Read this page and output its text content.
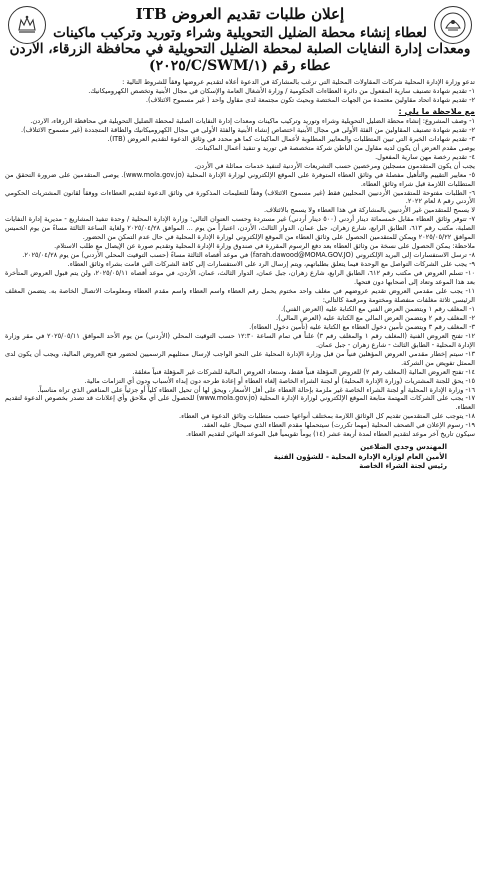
إعلان طلبات تقديم العروض ITB
لعطاء إنشاء محطة الضليل التحويلية وشراء وتوريد وتركيب ماكينات
ومعدات إدارة النفايات الصلبة لمحطة الضليل التحويلية في محافظة الزرقاء، الاردن
عطاء رقم (١/C/SWM/٢٠٢٥)

تدعو وزارة الإدارة المحلية شركات المقاولات المحلية التي ترغب بالمشاركة في الدعوة أعلاه لتقديم عروضها وفقاً للشروط التالية :

١- تقديم شهادة تصنيف سارية المفعول من دائرة العطاءات الحكومية / وزارة الأشغال العامة والإسكان في مجال الأبنية وتخصص الكهروميكانيك.

٢- تقديم شهادة اتحاد مقاولين معتمدة من الجهات المختصة وبحيث تكون مجتمعة لدى مقاول واحد ( غير مسموح الائتلاف).

مع ملاحظة ما يلي :

١- وصف المشروع: إنشاء محطة الضليل التحويلية وشراء وتوريد وتركيب ماكينات ومعدات إدارة النفايات الصلبة لمحطة الضليل التحويلية في محافظة الزرقاء، الاردن.

٢- تقديم شهادة تصنيف المقاولين من الفئة الأولى في مجال الأبنية اختصاص إنشاء الأبنية والفئة الأولى في مجال الكهروميكانيك والطاقة المتجددة (غير مسموح الائتلاف).

٣- تقديم شهادات الخبرة التي تبين المتطلبات والمعايير المطلوبة لأعمال الماكينات كما هو محدد في وثائق الدعوة لتقديم العروض (ITB).

يوصى مقدم العرض أن يكون لديه مقاول من الباطن شركة متخصصة في توريد و تنفيذ أعمال الماكينات.

٤- تقديم رخصة مهن سارية المفعول.

يجب أن يكون المتقدمون مسجلين ومرخصين حسب التشريعات الأردنية لتنفيذ خدمات مماثلة في الأردن.

٥- معايير التقييم والتأهيل مفصلة في وثائق العطاء المتوفرة على الموقع الإلكتروني لوزارة الإدارة المحلية (www.mola.gov.jo). يوصى المتقدمين على ضرورة التحقق من المتطلبات اللازمة قبل شراء وثائق العطاء.

٦- الطلبات مفتوحة للمتقدمين الأردنيين المحليين فقط (غير مسموح الائتلاف) وفقاً للتعليمات المذكورة في وثائق الدعوة لتقديم العطاءات ووفقاً لقانون المشتريات الحكومي الأردني رقم ٨ لعام ٢٠٢٢.

لا يسمح للمتقدمين غير الأردنيين بالمشاركة في هذا العطاء ولا يسمح بالائتلاف.

٧- تتوفر وثائق العطاء مقابل خمسمائة دينار أردني (٥٠٠ دينار أردني) غير مستردة وحسب العنوان التالي: وزارة الإدارة المحلية / وحدة تنفيذ المشاريع - مديرية إدارة النفايات الصلبة، مكتب رقم ٦١٣، الطابق الرابع، شارع زهران، جبل عمان، الدوار الثالث، الأردن، اعتباراً من يوم ... الموافق ٢٠٢٥/٠٤/٢٨ ولغاية الساعة الثالثة مساءً من يوم الخميس الموافق ٢٠٢٥/٠٥/٢٢ ويمكن للمتقدمين الحصول على وثائق العطاء من الموقع الإلكتروني لوزارة الإدارة المحلية في حال عدم التمكن من الحضور.

ملاحظة: يمكن الحصول على نسخة من وثائق العطاء بعد دفع الرسوم المقررة في صندوق وزارة الإدارة المحلية وتقديم صورة عن الإيصال مع طلب الاستلام.

٨- ترسل الاستفسارات إلى البريد الإلكتروني (farah.dawood@MOMA.GOV.JO) في موعد أقصاه الثالثة مساءً (حسب التوقيت المحلي الأردني) من يوم ٢٠٢٥/٠٤/٢٨.

٩- يجب على الشركات التواصل مع الوحدة فيما يتعلق بطلباتهم، ويتم إرسال الرد على الاستفسارات إلى كافة الشركات التي قامت بشراء وثائق العطاء.

١٠- تسلم العروض في مكتب رقم ٦١٢، الطابق الرابع، شارع زهران، جبل عمان، الدوار الثالث، عمان، الأردن، في موعد أقصاه ٢٠٢٥/٠٥/١١، ولن يتم قبول العروض المتأخرة بعد هذا الموعد وتعاد إلى أصحابها دون فتحها.

١١- يجب على مقدمي العروض تقديم عروضهم في مغلف واحد مختوم يحمل رقم العطاء واسم العطاء واسم مقدم العطاء ومعلومات الاتصال الخاصة به. يتضمن المغلف الرئيسي ثلاثة مغلفات منفصلة ومختومة ومرقمة كالتالي:

١- المغلف رقم ١ ويتضمن العرض الفني مع الكتابة عليه (العرض الفني).

٢- المغلف رقم ٢ ويتضمن العرض المالي مع الكتابة عليه (العرض المالي).

٣- المغلف رقم ٣ ويتضمن تأمين دخول العطاء مع الكتابة عليه (تأمين دخول العطاء).

١٢- تفتح العروض الفنية (المغلف رقم ١ والمغلف رقم ٣) علناً في تمام الساعة ١٢:٣٠ حسب التوقيت المحلي (الأردني) من يوم الأحد الموافق ٢٠٢٥/٠٥/١١ في مقر وزارة الإدارة المحلية - الطابق الثالث - شارع زهران - جبل عمان.

١٣- سيتم إخطار مقدمي العروض المؤهلين فنياً من قبل وزارة الإدارة المحلية على النحو الواجب لإرسال ممثليهم الرسميين لحضور فتح العروض المالية، ويجب أن يكون لدى الممثل تفويض من الشركة.

١٤- تفتح العروض المالية (المغلف رقم ٢) للعروض المؤهلة فنياً فقط، وستعاد العروض المالية للشركات غير المؤهلة فنياً مغلقة.

١٥- يحق للجنة المشتريات (وزارة الإدارة المحلية) أو لجنة الشراء الخاصة إلغاء العطاء أو إعادة طرحه دون إبداء الأسباب ودون أي التزامات مالية.

١٦- وزارة الإدارة المحلية أو لجنة الشراء الخاصة غير ملزمة بإحالة العطاء على أقل الأسعار، ويحق لها أن تحيل العطاء كلياً أو جزئياً على المناقص الذي تراه مناسباً.

١٧- يجب على الشركات المهتمة متابعة الموقع الإلكتروني لوزارة الإدارة المحلية (www.mola.gov.jo) للحصول على أي ملاحق وأي إعلانات قد تصدر بخصوص الدعوة لتقديم العطاء.

١٨- يتوجب على المتقدمين تقديم كل الوثائق اللازمة بمختلف أنواعها حسب متطلبات وثائق الدعوة في العطاء.

١٩- رسوم الإعلان في الصحف المحلية (مهما تكررت) سيتحملها مقدم العطاء الذي سيحال عليه العقد.

سيكون تاريخ آخر موعد لتقديم العطاء لمدة أربعة عشر (١٤) يوماً تقويمياً قبل الموعد النهائي لتقديم العطاء.

المهندس وجدي الضلاعين
الأمين العام لوزارة الإدارة المحلية - للشؤون الفنية
رئيس لجنة الشراء الخاصة
